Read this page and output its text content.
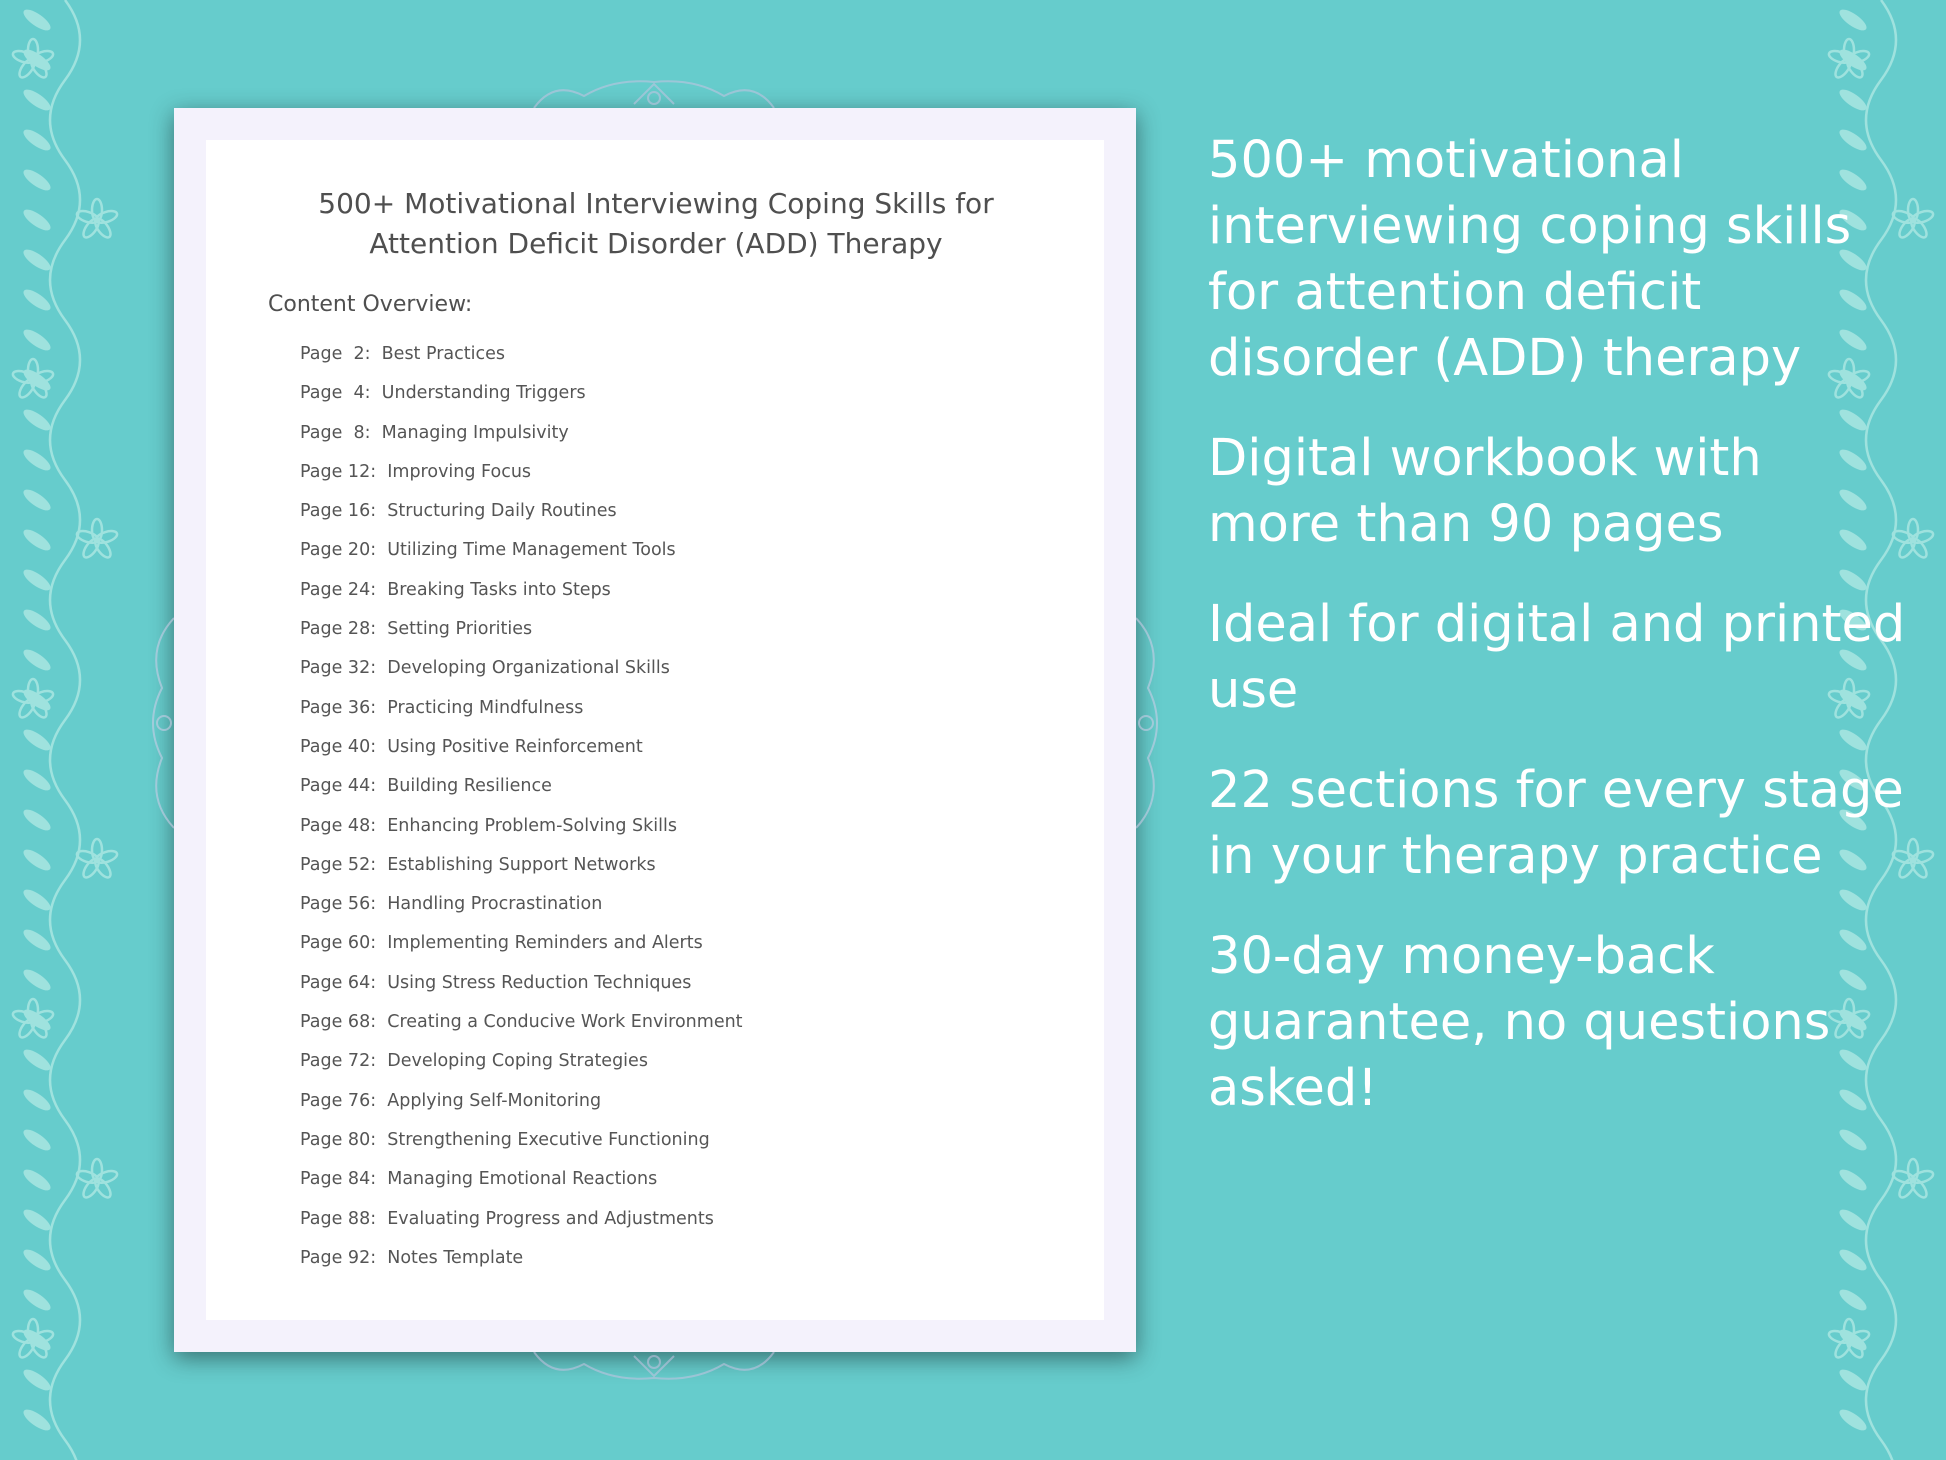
500+ Motivational Interviewing Coping Skills for Attention Deficit Disorder (ADD) Therapy
Content Overview:
Page  2: Best Practices
Page  4: Understanding Triggers
Page  8: Managing Impulsivity
Page 12: Improving Focus
Page 16: Structuring Daily Routines
Page 20: Utilizing Time Management Tools
Page 24: Breaking Tasks into Steps
Page 28: Setting Priorities
Page 32: Developing Organizational Skills
Page 36: Practicing Mindfulness
Page 40: Using Positive Reinforcement
Page 44: Building Resilience
Page 48: Enhancing Problem-Solving Skills
Page 52: Establishing Support Networks
Page 56: Handling Procrastination
Page 60: Implementing Reminders and Alerts
Page 64: Using Stress Reduction Techniques
Page 68: Creating a Conducive Work Environment
Page 72: Developing Coping Strategies
Page 76: Applying Self-Monitoring
Page 80: Strengthening Executive Functioning
Page 84: Managing Emotional Reactions
Page 88: Evaluating Progress and Adjustments
Page 92: Notes Template

500+ motivational interviewing coping skills for attention deficit disorder (ADD) therapy

Digital workbook with more than 90 pages

Ideal for digital and printed use

22 sections for every stage in your therapy practice

30-day money-back guarantee, no questions asked!
